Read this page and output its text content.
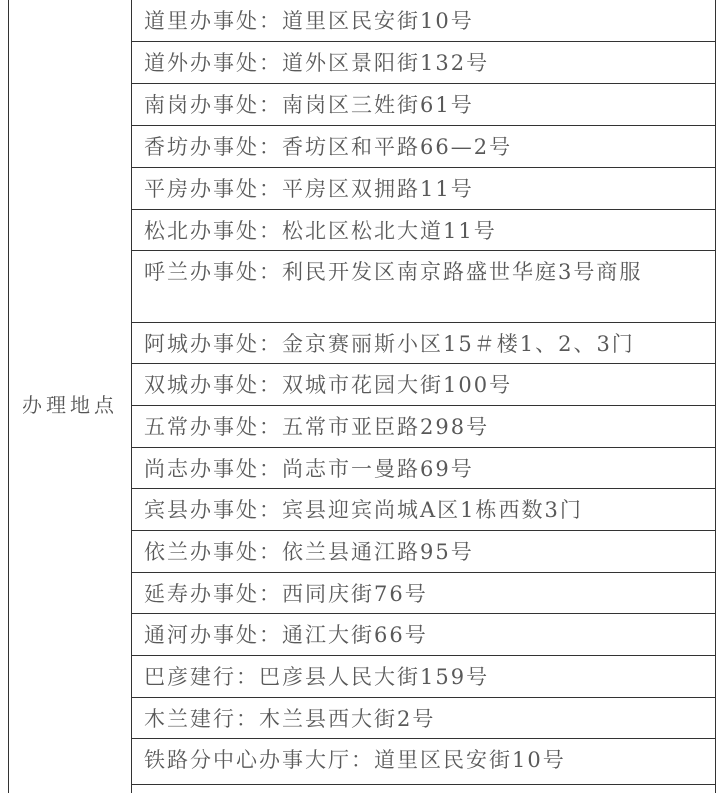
办理地点
道里办事处：道里区民安街10号
道外办事处：道外区景阳街132号
南岗办事处：南岗区三姓街61号
香坊办事处：香坊区和平路66—2号
平房办事处：平房区双拥路11号
松北办事处：松北区松北大道11号
呼兰办事处：利民开发区南京路盛世华庭3号商服
阿城办事处：金京赛丽斯小区15＃楼1、2、3门
双城办事处：双城市花园大街100号
五常办事处：五常市亚臣路298号
尚志办事处：尚志市一曼路69号
宾县办事处：宾县迎宾尚城A区1栋西数3门
依兰办事处：依兰县通江路95号
延寿办事处：西同庆街76号
通河办事处：通江大街66号
巴彦建行：巴彦县人民大街159号
木兰建行：木兰县西大街2号
铁路分中心办事大厅：道里区民安街10号
